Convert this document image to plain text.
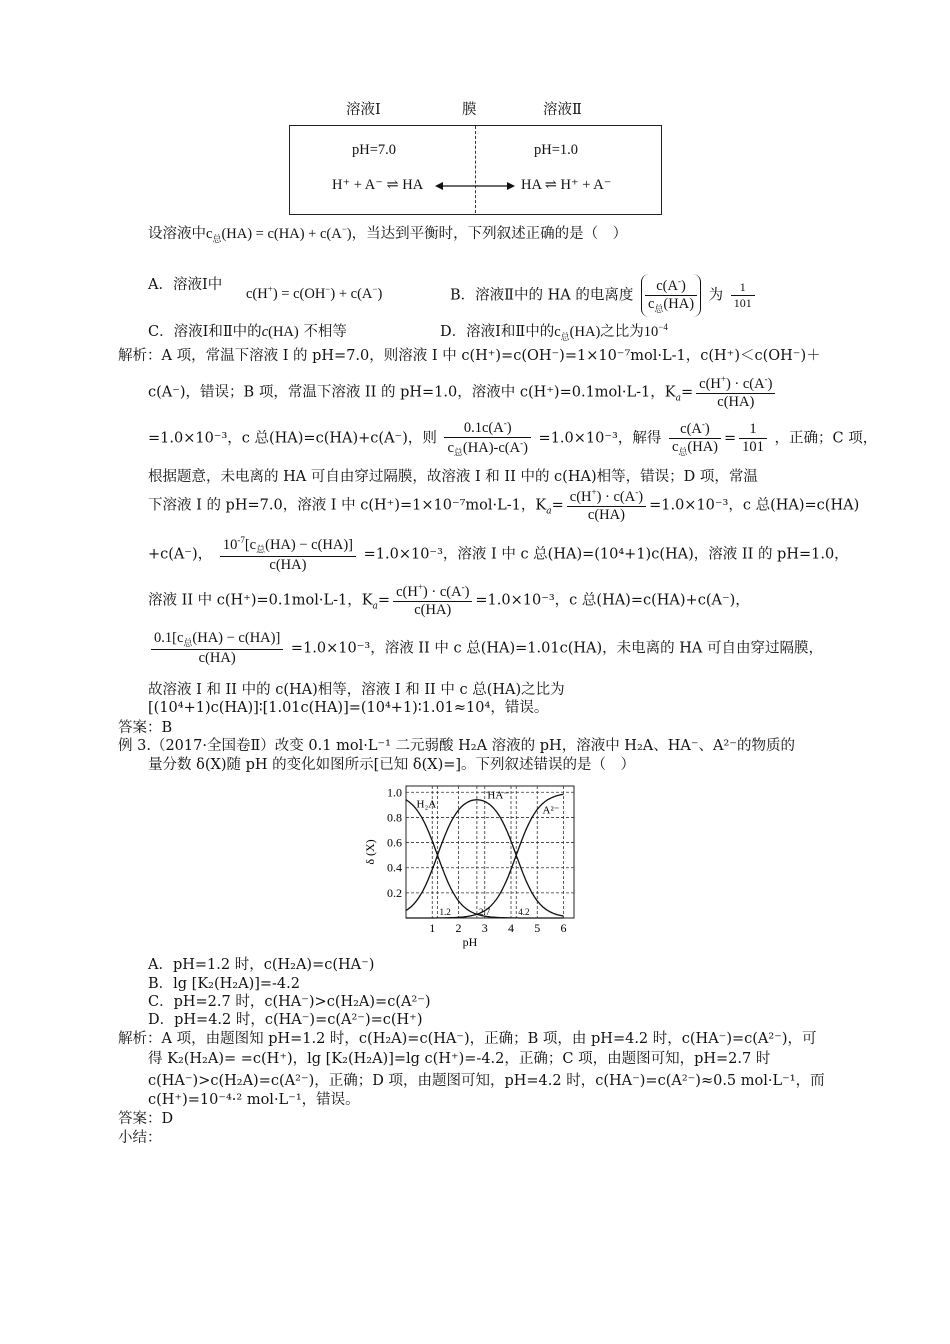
溶液Ⅰ	膜	溶液Ⅱ
pH=7.0	pH=1.0
H⁺ + A⁻ ⇌ HA	HA ⇌ H⁺ + A⁻
设溶液中$c_总(HA) = c(HA) + c(A^-)$，当达到平衡时，下列叙述正确的是（　）
A．溶液Ⅰ中
c(H+) = c(OH−) + c(A−)	B．溶液Ⅱ中的 HA 的电离度 $\frac{c(A^-)}{c_总(HA)}$ 为 $\frac{1}{101}$
C．溶液Ⅰ和Ⅱ中的c(HA) 不相等	D．溶液Ⅰ和Ⅱ中的$c_总(HA)$之比为$10^{-4}$
解析：A 项，常温下溶液 I 的 pH=7.0，则溶液 I 中 c(H⁺)=c(OH⁻)=1×10⁻⁷mol·L-1，c(H⁺)＜c(OH⁻)＋
c(A⁻)，错误；B 项，常温下溶液 II 的 pH=1.0，溶液中 c(H⁺)=0.1mol·L-1，$K_a= \frac{c(H^+) \cdot c(A^-)}{c(HA)}$
=1.0×10⁻³，c 总(HA)=c(HA)+c(A⁻)，则 $\frac{0.1c(A^-)}{c_总(HA)-c(A^-)} =1.0\times 10^{-3}$，解得 $\frac{c(A^-)}{c_总(HA)} = \frac{1}{101}$ ，正确；C 项，
根据题意，未电离的 HA 可自由穿过隔膜，故溶液 I 和 II 中的 c(HA)相等，错误；D 项，常温
下溶液 I 的 pH=7.0，溶液 I 中 c(H⁺)=1×10⁻⁷mol·L-1，$K_a= \frac{c(H^+) \cdot c(A^-)}{c(HA)} =1.0\times 10^{-3}$，c 总(HA)=c(HA)
+c(A⁻)， $\frac{10^{-7}[c_总(HA) - c(HA)]}{c(HA)} =1.0\times 10^{-3}$，溶液 I 中 c 总(HA)=(10⁴+1)c(HA)，溶液 II 的 pH=1.0，
溶液 II 中 c(H⁺)=0.1mol·L-1，$K_a= \frac{c(H^+) \cdot c(A^-)}{c(HA)} =1.0\times 10^{-3}$，c 总(HA)=c(HA)+c(A⁻)，
$\frac{0.1[c_总(HA) - c(HA)]}{c(HA)} =1.0\times 10^{-3}$，溶液 II 中 c 总(HA)=1.01c(HA)，未电离的 HA 可自由穿过隔膜，
故溶液 I 和 II 中的 c(HA)相等，溶液 I 和 II 中 c 总(HA)之比为
[(10⁴+1)c(HA)]∶[1.01c(HA)]=(10⁴+1)∶1.01≈10⁴，错误。
答案：B
例 3.（2017·全国卷Ⅱ）改变 0.1 mol·L⁻¹ 二元弱酸 H₂A 溶液的 pH，溶液中 H₂A、HA⁻、A²⁻的物质的
量分数 δ(X)随 pH 的变化如图所示[已知 δ(X)=]。下列叙述错误的是（　）
0.2
0.4
0.6
0.8
1.0
1 2 3 4 5 6
1.2	2.7	4.2
H₂A
HA⁻
A²⁻
pH
δ (X)
A．pH=1.2 时，c(H₂A)=c(HA⁻)
B．lg [K₂(H₂A)]=-4.2
C．pH=2.7 时，c(HA⁻)>c(H₂A)=c(A²⁻)
D．pH=4.2 时，c(HA⁻)=c(A²⁻)=c(H⁺)
解析：A 项，由题图知 pH=1.2 时，c(H₂A)=c(HA⁻)，正确；B 项，由 pH=4.2 时，c(HA⁻)=c(A²⁻)，可
得 K₂(H₂A)= =c(H⁺)，lg [K₂(H₂A)]=lg c(H⁺)=-4.2，正确；C 项，由题图可知，pH=2.7 时
c(HA⁻)>c(H₂A)=c(A²⁻)，正确；D 项，由题图可知，pH=4.2 时，c(HA⁻)=c(A²⁻)≈0.5 mol·L⁻¹，而
c(H⁺)=10⁻⁴·² mol·L⁻¹，错误。
答案：D
小结：
